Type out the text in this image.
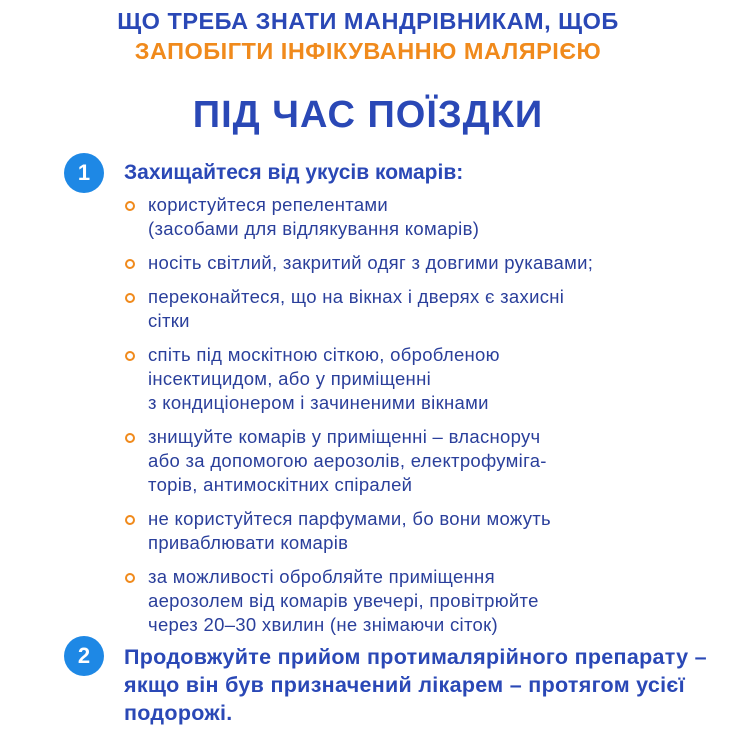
ЩО ТРЕБА ЗНАТИ МАНДРІВНИКАМ, ЩОБ
ЗАПОБІГТИ ІНФІКУВАННЮ МАЛЯРІЄЮ
ПІД ЧАС ПОЇЗДКИ
1 Захищайтеся від укусів комарів:
користуйтеся репелентами
(засобами для відлякування комарів)
носіть світлий, закритий одяг з довгими рукавами;
переконайтеся, що на вікнах і дверях є захисні
сітки
спіть під москітною сіткою, обробленою
інсектицидом, або у приміщенні
з кондиціонером і зачиненими вікнами
знищуйте комарів у приміщенні – власноруч
або за допомогою аерозолів, електрофуміга-
торів, антимоскітних спіралей
не користуйтеся парфумами, бо вони можуть
приваблювати комарів
за можливості обробляйте приміщення
аерозолем від комарів увечері, провітрюйте
через 20–30 хвилин (не знімаючи сіток)
2 Продовжуйте прийом протималярійного препарату – якщо він був призначений лікарем – протягом усієї подорожі.
